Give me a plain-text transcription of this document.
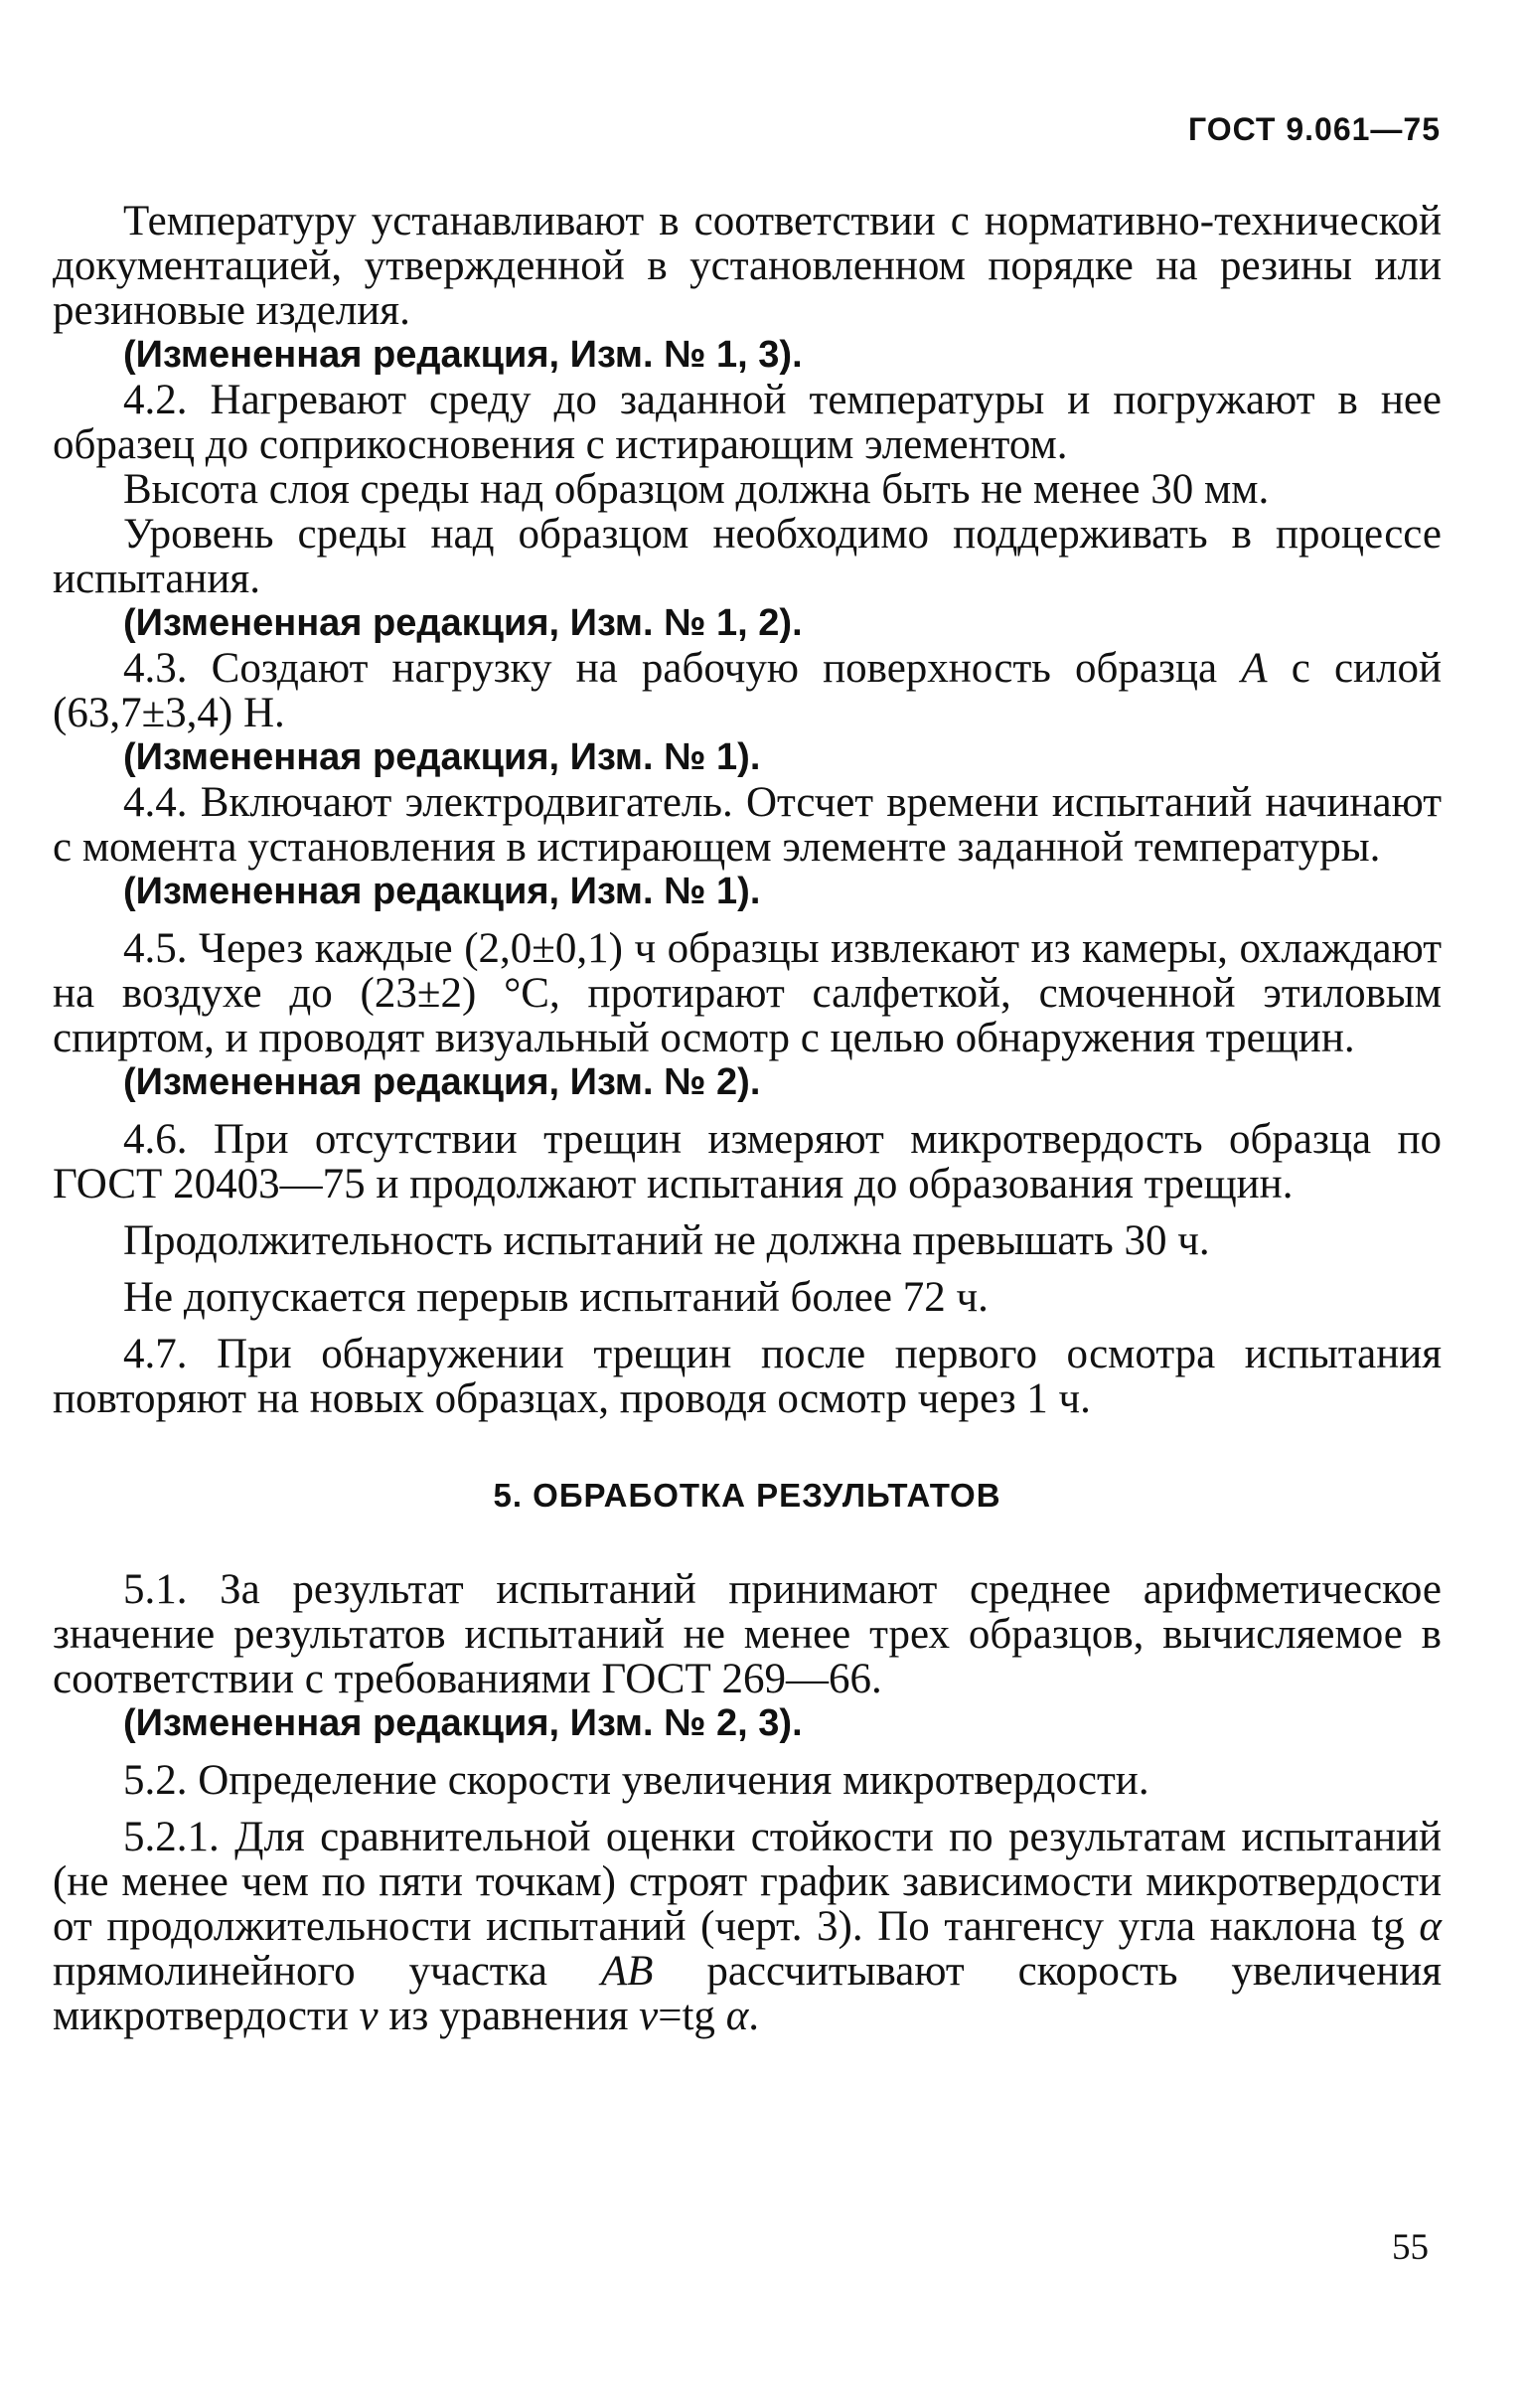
ГОСТ 9.061—75

Температуру устанавливают в соответствии с нормативно-технической документацией, утвержденной в установленном порядке на резины или резиновые изделия.

(Измененная редакция, Изм. № 1, 3).

4.2. Нагревают среду до заданной температуры и погружают в нее образец до соприкосновения с истирающим элементом.

Высота слоя среды над образцом должна быть не менее 30 мм.

Уровень среды над образцом необходимо поддерживать в процессе испытания.

(Измененная редакция, Изм. № 1, 2).

4.3. Создают нагрузку на рабочую поверхность образца A с силой (63,7±3,4) Н.

(Измененная редакция, Изм. № 1).

4.4. Включают электродвигатель. Отсчет времени испытаний начинают с момента установления в истирающем элементе заданной температуры.

(Измененная редакция, Изм. № 1).

4.5. Через каждые (2,0±0,1) ч образцы извлекают из камеры, охлаждают на воздухе до (23±2) °С, протирают салфеткой, смоченной этиловым спиртом, и проводят визуальный осмотр с целью обнаружения трещин.

(Измененная редакция, Изм. № 2).

4.6. При отсутствии трещин измеряют микротвердость образца по ГОСТ 20403—75 и продолжают испытания до образования трещин.

Продолжительность испытаний не должна превышать 30 ч.

Не допускается перерыв испытаний более 72 ч.

4.7. При обнаружении трещин после первого осмотра испытания повторяют на новых образцах, проводя осмотр через 1 ч.

5. ОБРАБОТКА РЕЗУЛЬТАТОВ

5.1. За результат испытаний принимают среднее арифметическое значение результатов испытаний не менее трех образцов, вычисляемое в соответствии с требованиями ГОСТ 269—66.

(Измененная редакция, Изм. № 2, 3).

5.2. Определение скорости увеличения микротвердости.

5.2.1. Для сравнительной оценки стойкости по результатам испытаний (не менее чем по пяти точкам) строят график зависимости микротвердости от продолжительности испытаний (черт. 3). По тангенсу угла наклона tg α прямолинейного участка AB рассчитывают скорость увеличения микротвердости v из уравнения v=tg α.

55
